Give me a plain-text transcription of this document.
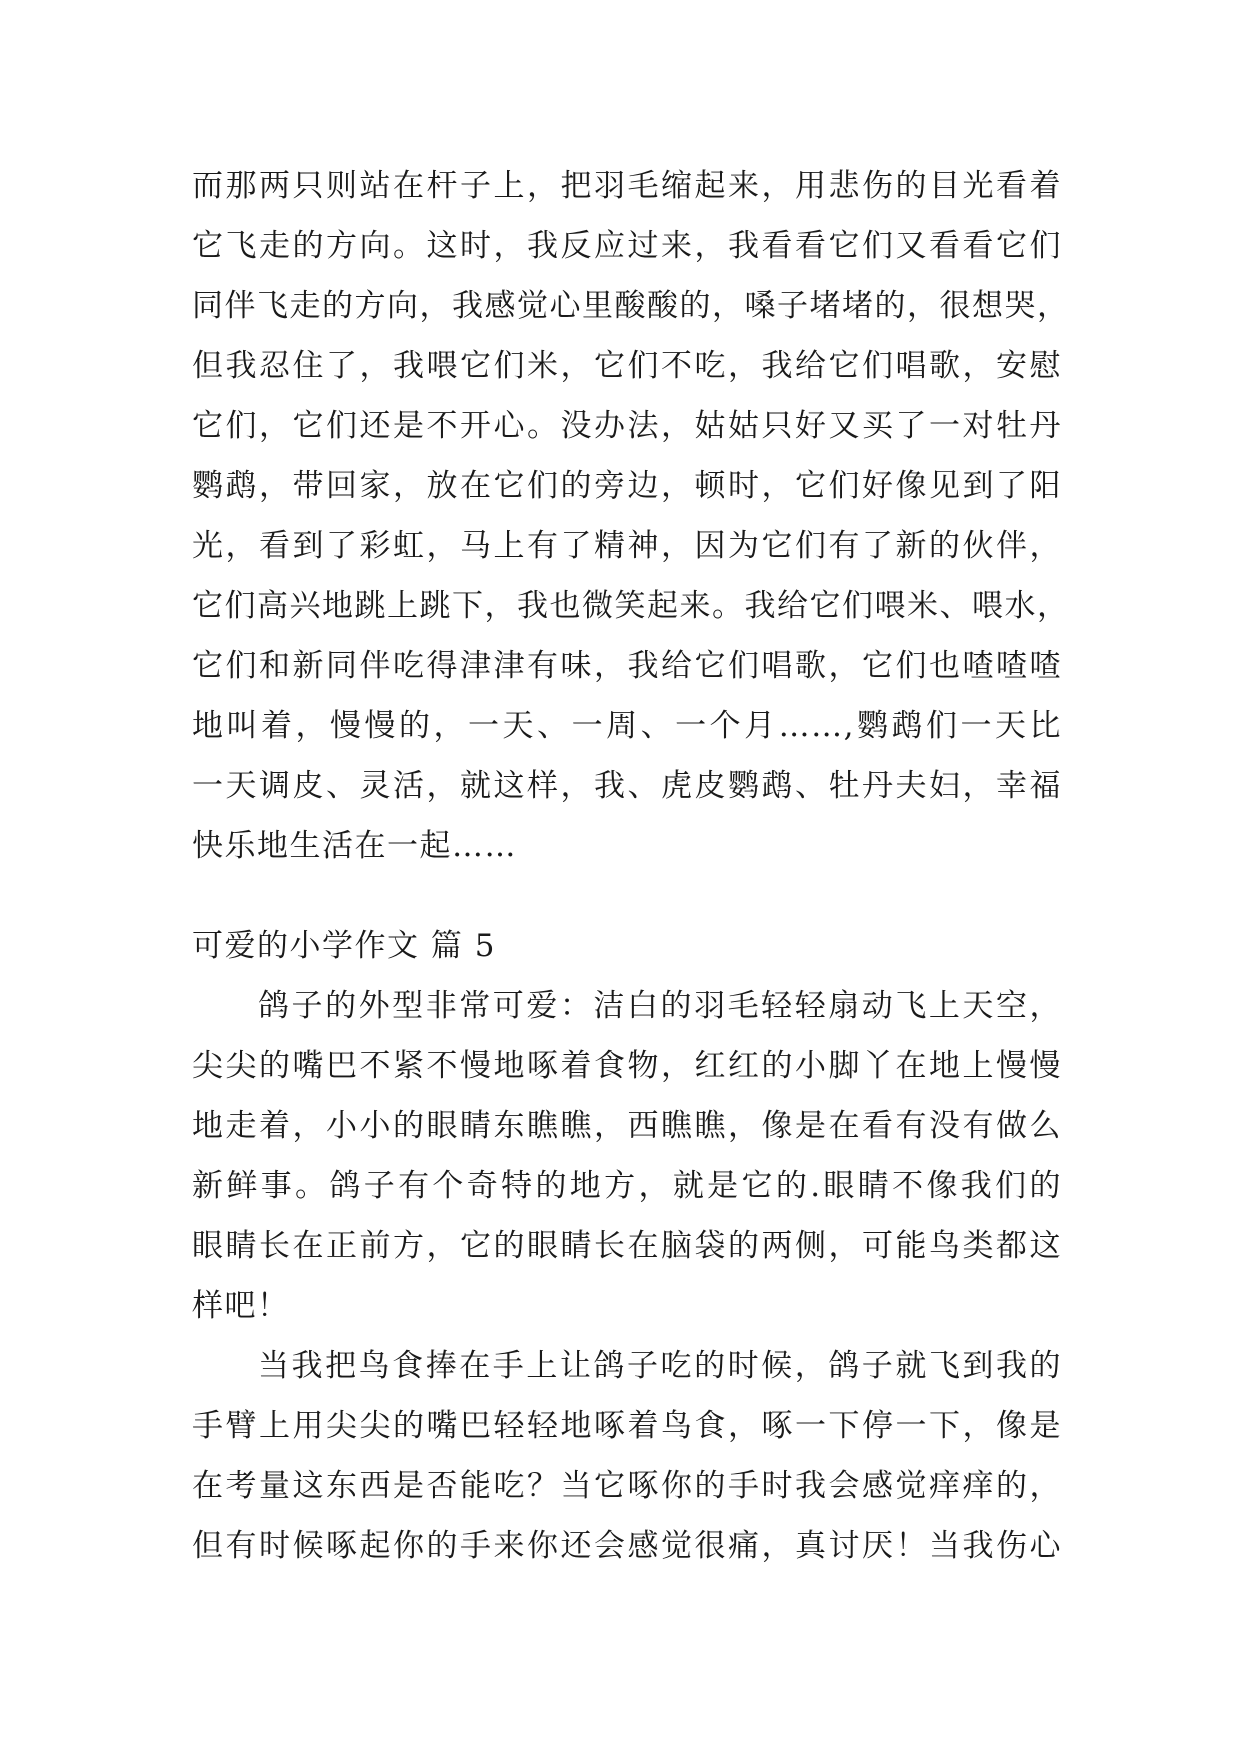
而那两只则站在杆子上，把羽毛缩起来，用悲伤的目光看着
它飞走的方向。这时，我反应过来，我看看它们又看看它们
同伴飞走的方向，我感觉心里酸酸的，嗓子堵堵的，很想哭，
但我忍住了，我喂它们米，它们不吃，我给它们唱歌，安慰
它们，它们还是不开心。没办法，姑姑只好又买了一对牡丹
鹦鹉，带回家，放在它们的旁边，顿时，它们好像见到了阳
光，看到了彩虹，马上有了精神，因为它们有了新的伙伴，
它们高兴地跳上跳下，我也微笑起来。我给它们喂米、喂水，
它们和新同伴吃得津津有味，我给它们唱歌，它们也喳喳喳
地叫着，慢慢的，一天、一周、一个月……,鹦鹉们一天比
一天调皮、灵活，就这样，我、虎皮鹦鹉、牡丹夫妇，幸福
快乐地生活在一起……
可爱的小学作文 篇 5
鸽子的外型非常可爱：洁白的羽毛轻轻扇动飞上天空，
尖尖的嘴巴不紧不慢地啄着食物，红红的小脚丫在地上慢慢
地走着，小小的眼睛东瞧瞧，西瞧瞧，像是在看有没有做么
新鲜事。鸽子有个奇特的地方，就是它的.眼睛不像我们的
眼睛长在正前方，它的眼睛长在脑袋的两侧，可能鸟类都这
样吧！
当我把鸟食捧在手上让鸽子吃的时候，鸽子就飞到我的
手臂上用尖尖的嘴巴轻轻地啄着鸟食，啄一下停一下，像是
在考量这东西是否能吃？当它啄你的手时我会感觉痒痒的，
但有时候啄起你的手来你还会感觉很痛，真讨厌！当我伤心
